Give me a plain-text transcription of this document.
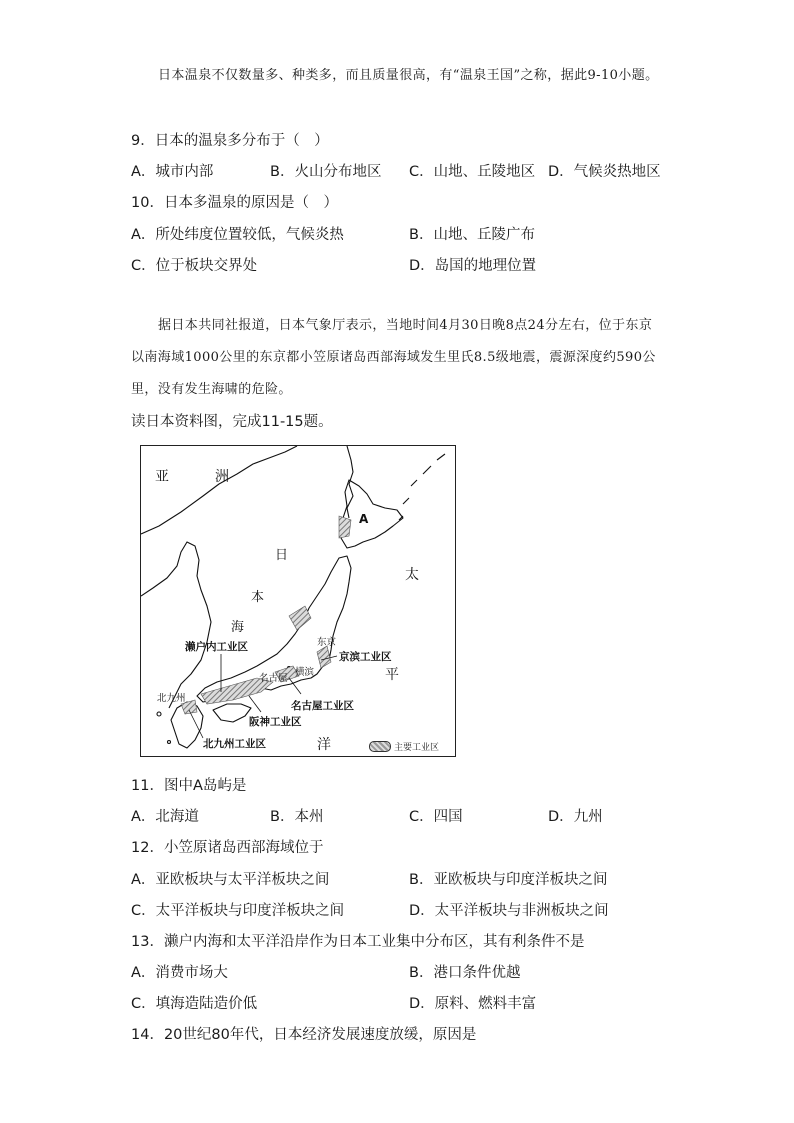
日本温泉不仅数量多、种类多，而且质量很高，有“温泉王国”之称，据此9-10小题。

9．日本的温泉多分布于（　）

A．城市内部	B．火山分布地区 C．山地、丘陵地区 D．气候炎热地区

10．日本多温泉的原因是（　）

A．所处纬度位置较低，气候炎热	B．山地、丘陵广布
C．位于板块交界处	D．岛国的地理位置

据日本共同社报道，日本气象厅表示，当地时间4月30日晚8点24分左右，位于东京以南海域1000公里的东京都小笠原诸岛西部海域发生里氏8.5级地震，震源深度约590公里，没有发生海啸的危险。

读日本资料图，完成11-15题。

亚	洲
日
本
海
太
平
洋
A
濑户内工业区
京滨工业区
名古屋工业区
阪神工业区
北九州工业区
名古屋
东京
横滨
北九州
主要工业区

11．图中A岛屿是

A．北海道	B．本州	C．四国	D．九州

12．小笠原诸岛西部海域位于

A．亚欧板块与太平洋板块之间	B．亚欧板块与印度洋板块之间
C．太平洋板块与印度洋板块之间	D．太平洋板块与非洲板块之间

13．濑户内海和太平洋沿岸作为日本工业集中分布区，其有利条件不是

A．消费市场大	B．港口条件优越
C．填海造陆造价低	D．原料、燃料丰富

14．20世纪80年代，日本经济发展速度放缓，原因是
